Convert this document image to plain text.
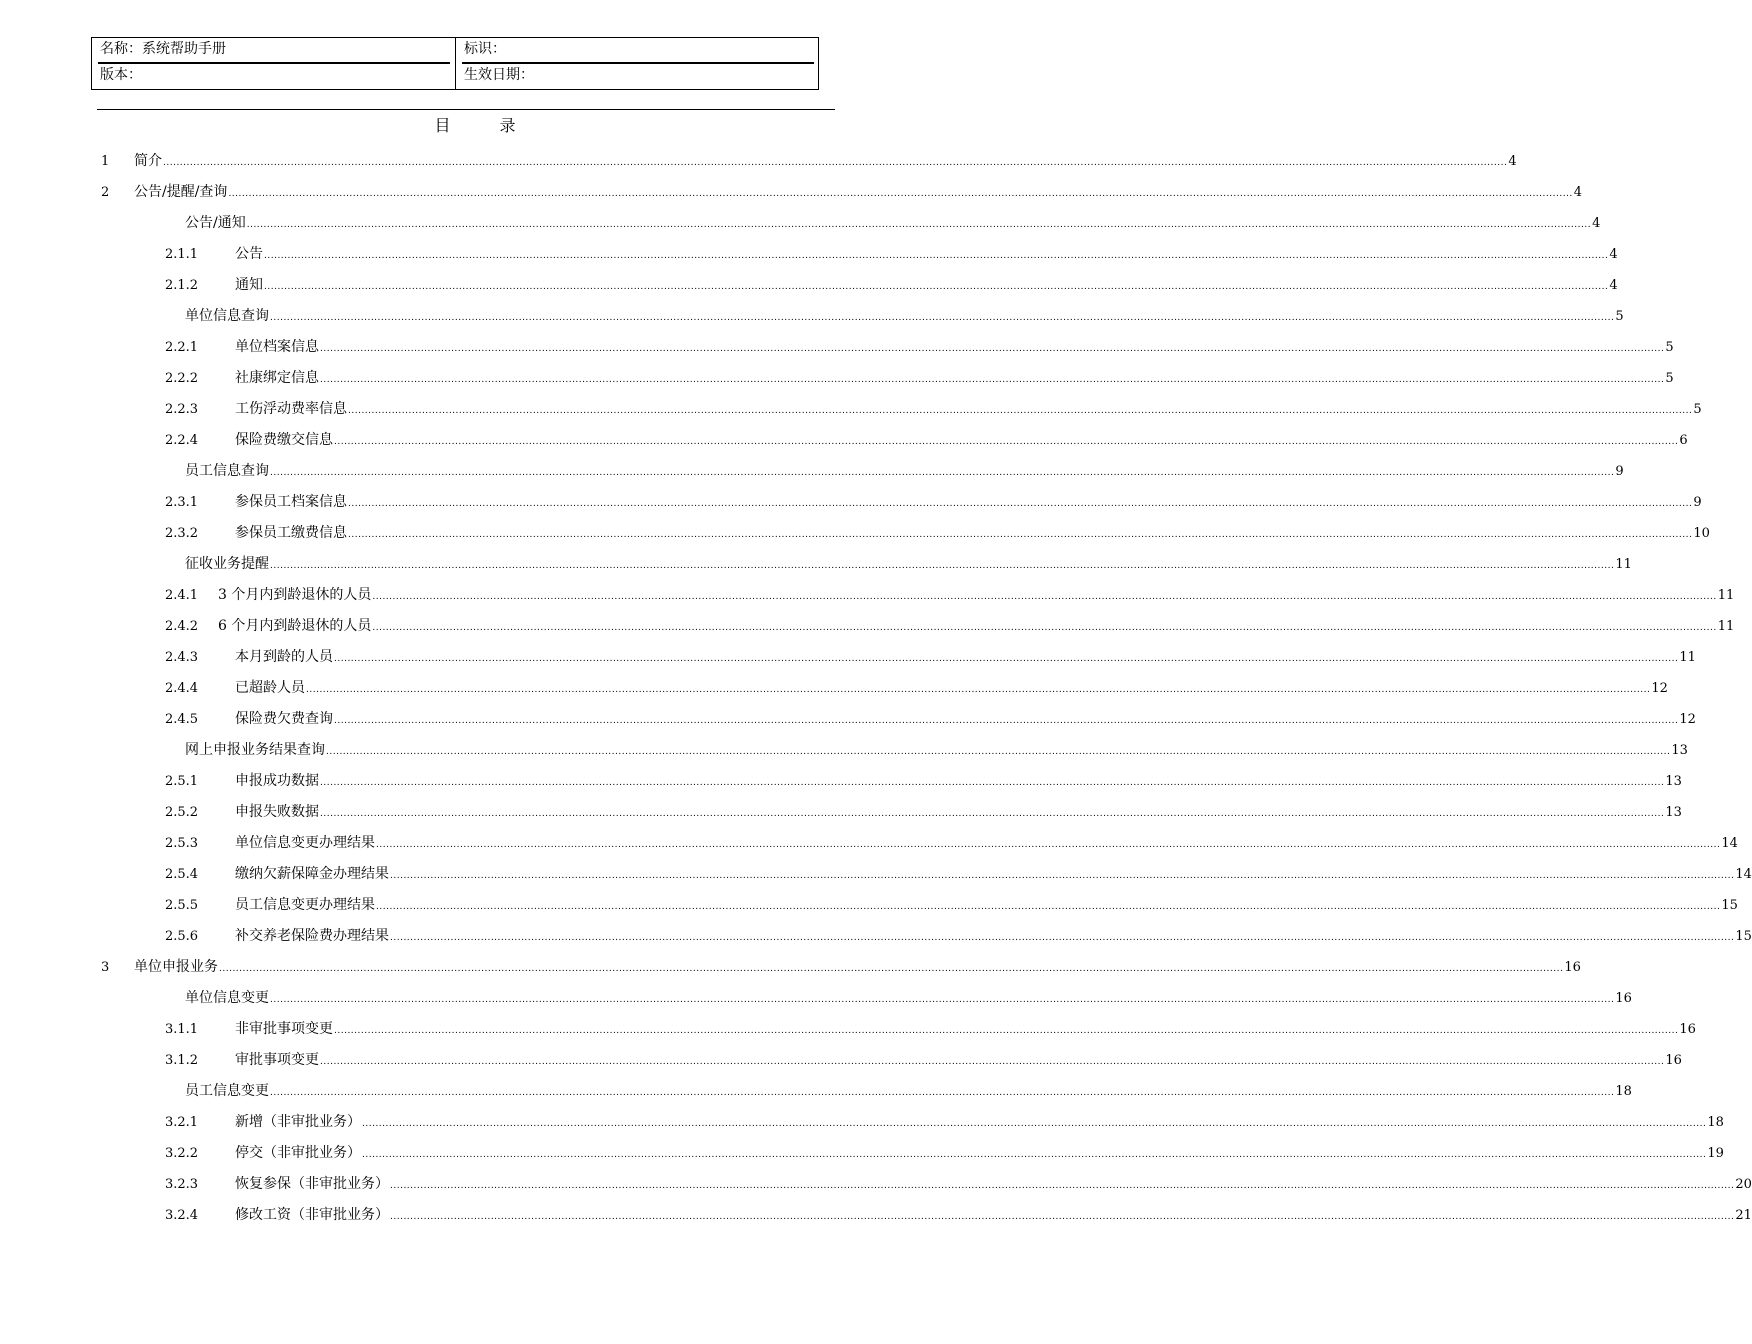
名称：系统帮助手册	标识：
版本：	生效日期：
目 录
1	简介 ................................................................................................................................................................................................................................................................................................................................................................................................................ 4
2	公告/提醒/查询 ................................................................................................................................................................................................................................................................................................................................................................................................................ 4
公告/通知 ................................................................................................................................................................................................................................................................................................................................................................................................................ 4
2.1.1	公告 ................................................................................................................................................................................................................................................................................................................................................................................................................ 4
2.1.2	通知 ................................................................................................................................................................................................................................................................................................................................................................................................................ 4
单位信息查询 ................................................................................................................................................................................................................................................................................................................................................................................................................ 5
2.2.1	单位档案信息 ................................................................................................................................................................................................................................................................................................................................................................................................................ 5
2.2.2	社康绑定信息 ................................................................................................................................................................................................................................................................................................................................................................................................................ 5
2.2.3	工伤浮动费率信息 ................................................................................................................................................................................................................................................................................................................................................................................................................ 5
2.2.4	保险费缴交信息 ................................................................................................................................................................................................................................................................................................................................................................................................................ 6
员工信息查询 ................................................................................................................................................................................................................................................................................................................................................................................................................ 9
2.3.1	参保员工档案信息 ................................................................................................................................................................................................................................................................................................................................................................................................................ 9
2.3.2	参保员工缴费信息 ................................................................................................................................................................................................................................................................................................................................................................................................................ 10
征收业务提醒 ................................................................................................................................................................................................................................................................................................................................................................................................................ 11
2.4.1	3 个月内到龄退休的人员 ................................................................................................................................................................................................................................................................................................................................................................................................................ 11
2.4.2	6 个月内到龄退休的人员 ................................................................................................................................................................................................................................................................................................................................................................................................................ 11
2.4.3	本月到龄的人员 ................................................................................................................................................................................................................................................................................................................................................................................................................ 11
2.4.4	已超龄人员 ................................................................................................................................................................................................................................................................................................................................................................................................................ 12
2.4.5	保险费欠费查询 ................................................................................................................................................................................................................................................................................................................................................................................................................ 12
网上申报业务结果查询 ................................................................................................................................................................................................................................................................................................................................................................................................................ 13
2.5.1	申报成功数据 ................................................................................................................................................................................................................................................................................................................................................................................................................ 13
2.5.2	申报失败数据 ................................................................................................................................................................................................................................................................................................................................................................................................................ 13
2.5.3	单位信息变更办理结果 ................................................................................................................................................................................................................................................................................................................................................................................................................ 14
2.5.4	缴纳欠薪保障金办理结果 ................................................................................................................................................................................................................................................................................................................................................................................................................ 14
2.5.5	员工信息变更办理结果 ................................................................................................................................................................................................................................................................................................................................................................................................................ 15
2.5.6	补交养老保险费办理结果 ................................................................................................................................................................................................................................................................................................................................................................................................................ 15
3	单位申报业务 ................................................................................................................................................................................................................................................................................................................................................................................................................ 16
单位信息变更 ................................................................................................................................................................................................................................................................................................................................................................................................................ 16
3.1.1	非审批事项变更 ................................................................................................................................................................................................................................................................................................................................................................................................................ 16
3.1.2	审批事项变更 ................................................................................................................................................................................................................................................................................................................................................................................................................ 16
员工信息变更 ................................................................................................................................................................................................................................................................................................................................................................................................................ 18
3.2.1	新增（非审批业务） ................................................................................................................................................................................................................................................................................................................................................................................................................ 18
3.2.2	停交（非审批业务） ................................................................................................................................................................................................................................................................................................................................................................................................................ 19
3.2.3	恢复参保（非审批业务） ................................................................................................................................................................................................................................................................................................................................................................................................................ 20
3.2.4	修改工资（非审批业务） ................................................................................................................................................................................................................................................................................................................................................................................................................ 21
